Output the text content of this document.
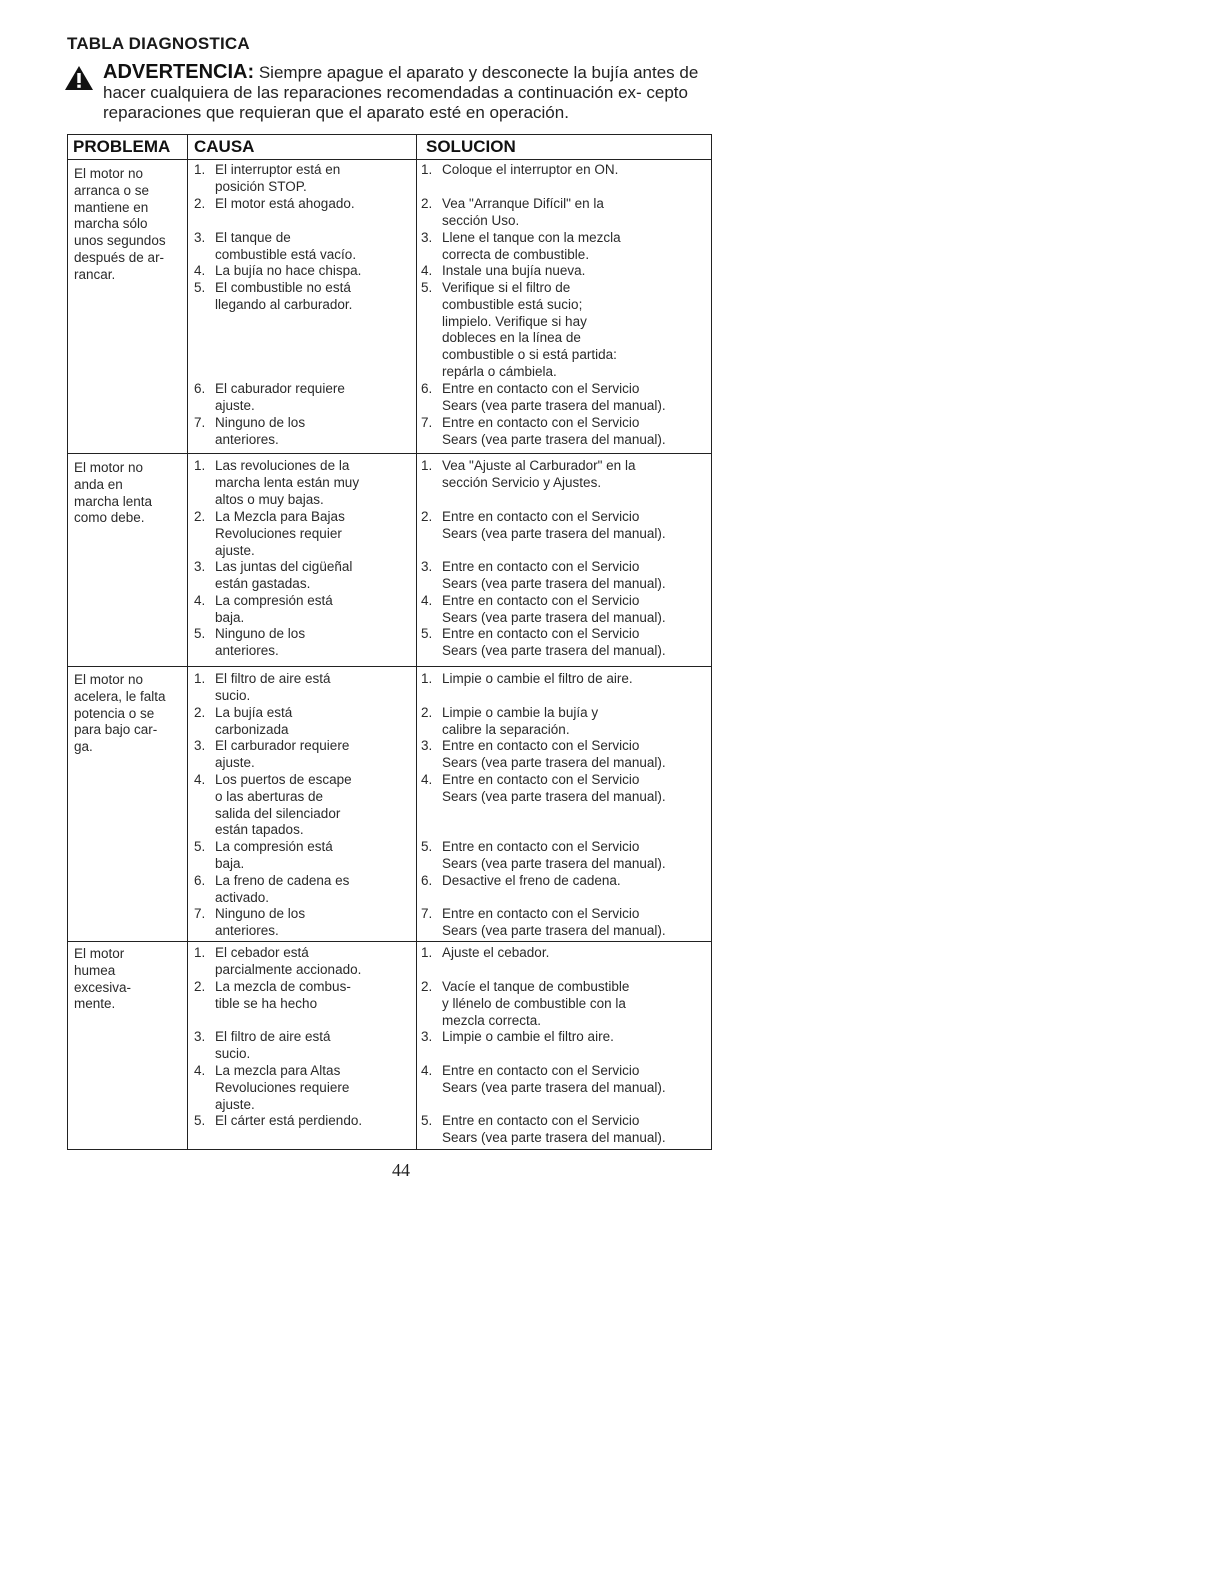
TABLA DIAGNOSTICA
ADVERTENCIA: Siempre apague el aparato y desconecte la bujía antes de hacer cualquiera de las reparaciones recomendadas a continuación ex- cepto reparaciones que requieran que el aparato esté en operación.
PROBLEMA CAUSA	SOLUCION
El motor no
arranca o se
mantiene en
marcha sólo
unos segundos
después de ar-
rancar.
1. El interruptor está en
posición STOP.
2. El motor está ahogado.
3. El tanque de
combustible está vacío.
4. La bujía no hace chispa.
5. El combustible no está
llegando al carburador.
6. El caburador requiere
ajuste.
7. Ninguno de los
anteriores.
1. Coloque el interruptor en ON.
2. Vea "Arranque Difícil" en la
sección Uso.
3. Llene el tanque con la mezcla
correcta de combustible.
4. Instale una bujía nueva.
5. Verifique si el filtro de
combustible está sucio;
limpielo. Verifique si hay
dobleces en la línea de
combustible o si está partida:
repárla o cámbiela.
6. Entre en contacto con el Servicio
Sears (vea parte trasera del manual).
7. Entre en contacto con el Servicio
Sears (vea parte trasera del manual).
El motor no
anda en
marcha lenta
como debe.
1. Las revoluciones de la
marcha lenta están muy
altos o muy bajas.
2. La Mezcla para Bajas
Revoluciones requier
ajuste.
3. Las juntas del cigüeñal
están gastadas.
4. La compresión está
baja.
5. Ninguno de los
anteriores.
1. Vea "Ajuste al Carburador" en la
sección Servicio y Ajustes.
2. Entre en contacto con el Servicio
Sears (vea parte trasera del manual).
3. Entre en contacto con el Servicio
Sears (vea parte trasera del manual).
4. Entre en contacto con el Servicio
Sears (vea parte trasera del manual).
5. Entre en contacto con el Servicio
Sears (vea parte trasera del manual).
El motor no
acelera, le falta
potencia o se
para bajo car-
ga.
1. El filtro de aire está
sucio.
2. La bujía está
carbonizada
3. El carburador requiere
ajuste.
4. Los puertos de escape
o las aberturas de
salida del silenciador
están tapados.
5. La compresión está
baja.
6. La freno de cadena es
activado.
7. Ninguno de los
anteriores.
1. Limpie o cambie el filtro de aire.
2. Limpie o cambie la bujía y
calibre la separación.
3. Entre en contacto con el Servicio
Sears (vea parte trasera del manual).
4. Entre en contacto con el Servicio
Sears (vea parte trasera del manual).
5. Entre en contacto con el Servicio
Sears (vea parte trasera del manual).
6. Desactive el freno de cadena.
7. Entre en contacto con el Servicio
Sears (vea parte trasera del manual).
El motor
humea
excesiva-
mente.
1. El cebador está
parcialmente accionado.
2. La mezcla de combus-
tible se ha hecho
3. El filtro de aire está
sucio.
4. La mezcla para Altas
Revoluciones requiere
ajuste.
5. El cárter está perdiendo.
1. Ajuste el cebador.
2. Vacíe el tanque de combustible
y llénelo de combustible con la
mezcla correcta.
3. Limpie o cambie el filtro aire.
4. Entre en contacto con el Servicio
Sears (vea parte trasera del manual).
5. Entre en contacto con el Servicio
Sears (vea parte trasera del manual).
44
